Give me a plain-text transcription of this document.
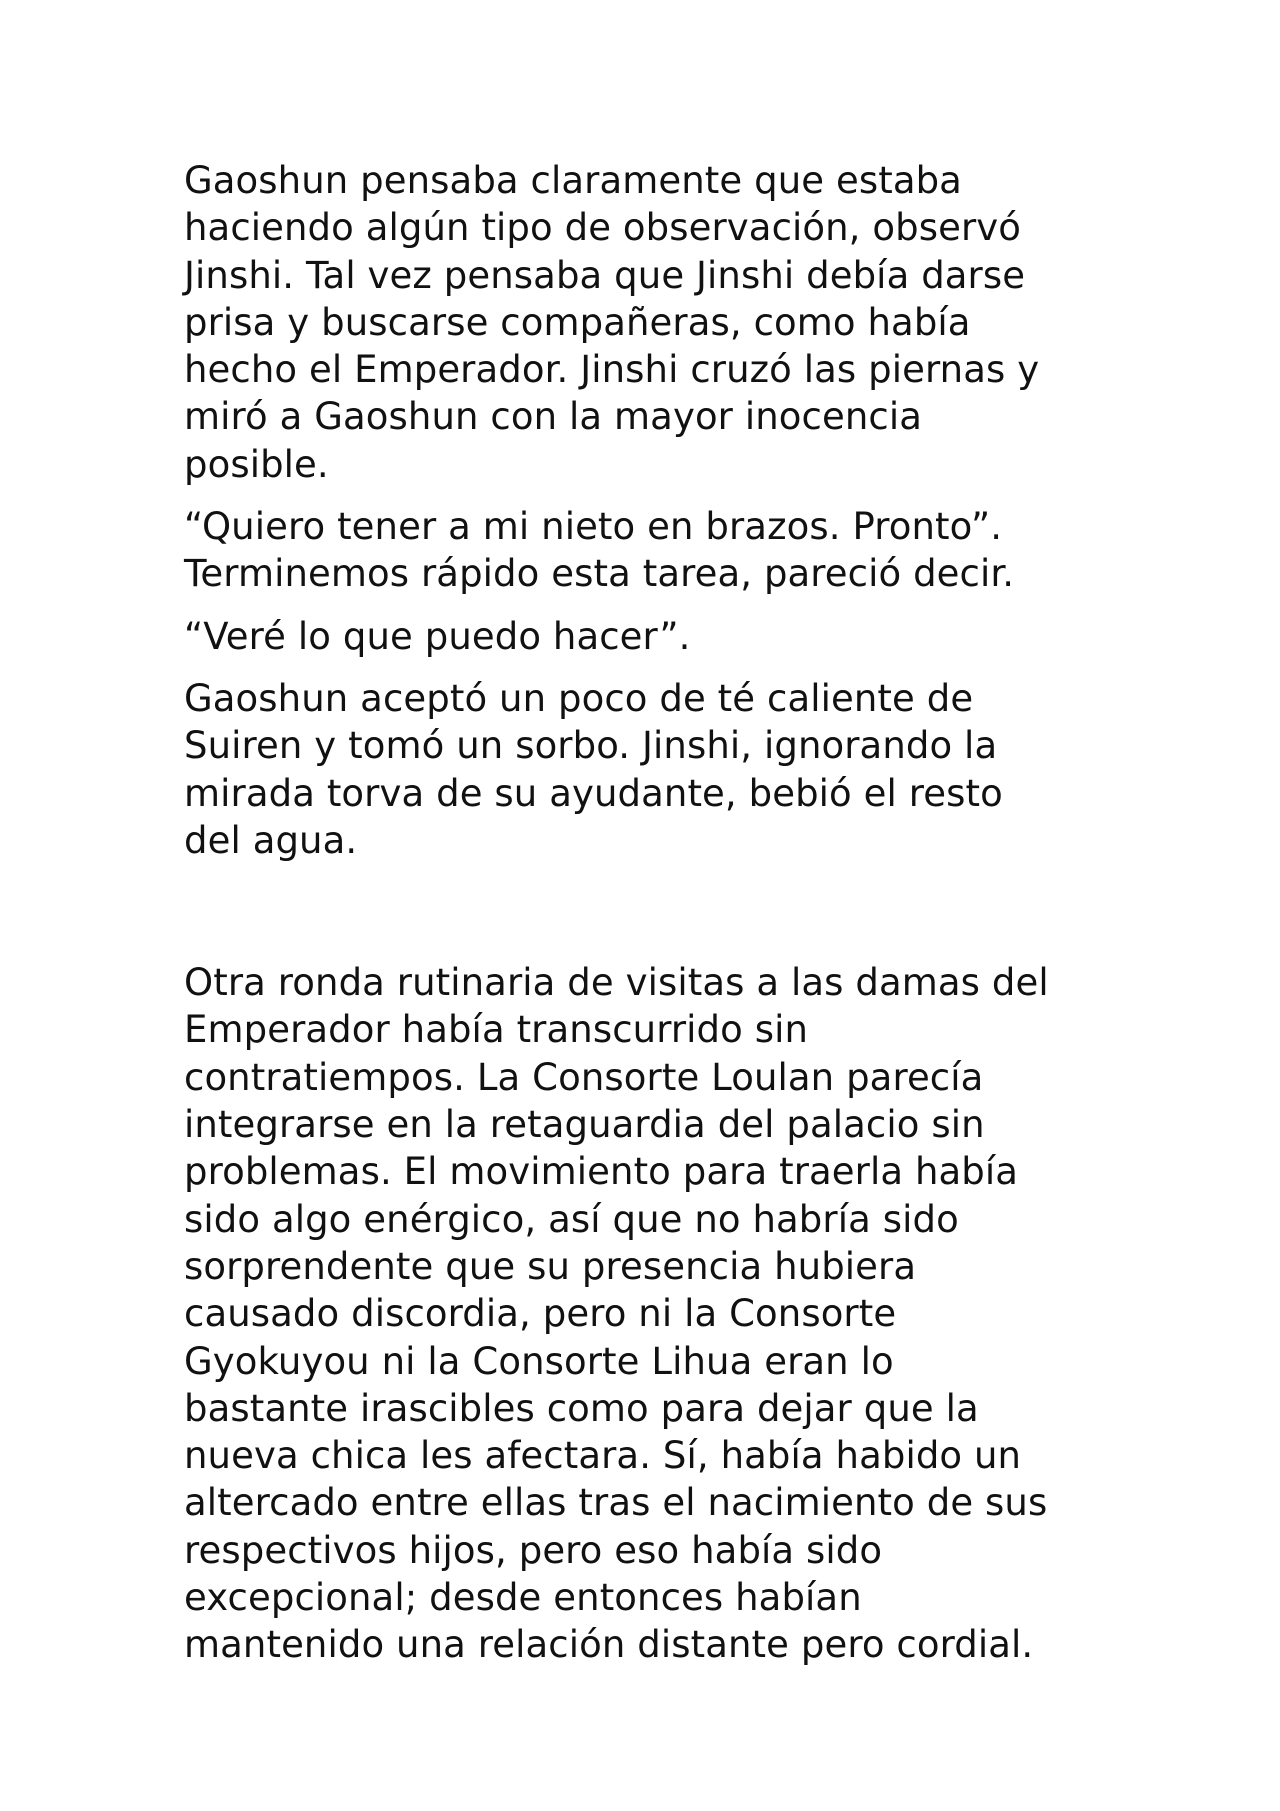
Gaoshun pensaba claramente que estaba
haciendo algún tipo de observación, observó
Jinshi. Tal vez pensaba que Jinshi debía darse
prisa y buscarse compañeras, como había
hecho el Emperador. Jinshi cruzó las piernas y
miró a Gaoshun con la mayor inocencia
posible.
“Quiero tener a mi nieto en brazos. Pronto”.
Terminemos rápido esta tarea, pareció decir.
“Veré lo que puedo hacer”.
Gaoshun aceptó un poco de té caliente de
Suiren y tomó un sorbo. Jinshi, ignorando la
mirada torva de su ayudante, bebió el resto
del agua.
Otra ronda rutinaria de visitas a las damas del
Emperador había transcurrido sin
contratiempos. La Consorte Loulan parecía
integrarse en la retaguardia del palacio sin
problemas. El movimiento para traerla había
sido algo enérgico, así que no habría sido
sorprendente que su presencia hubiera
causado discordia, pero ni la Consorte
Gyokuyou ni la Consorte Lihua eran lo
bastante irascibles como para dejar que la
nueva chica les afectara. Sí, había habido un
altercado entre ellas tras el nacimiento de sus
respectivos hijos, pero eso había sido
excepcional; desde entonces habían
mantenido una relación distante pero cordial.
